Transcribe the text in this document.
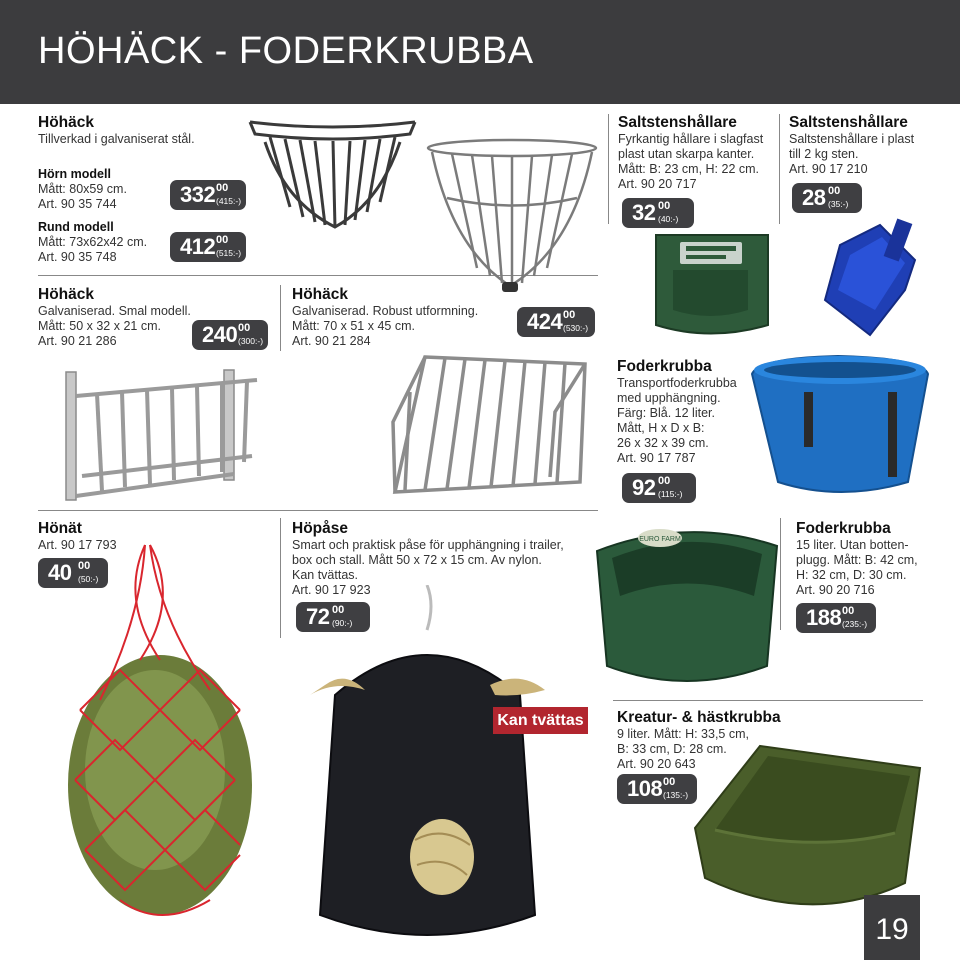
HÖHÄCK - FODERKRUBBA
Höhäck
Tillverkad i galvaniserat stål.
Hörn modell
Mått: 80x59 cm.
Art. 90 35 744
Rund modell
Mått: 73x62x42 cm.
Art. 90 35 748
332 00
(415:-)
412 00
(515:-)
Saltstenshållare
Fyrkantig hållare i slagfast
plast utan skarpa kanter.
Mått: B: 23 cm, H: 22 cm.
Art. 90 20 717
32 00
(40:-)
Saltstenshållare
Saltstenshållare i plast
till 2 kg sten.
Art. 90 17 210
28 00
(35:-)
Höhäck
Galvaniserad. Smal modell.
Mått: 50 x 32 x 21 cm.
Art. 90 21 286	240 00
(300:-)
Höhäck
Galvaniserad. Robust utformning.
Mått: 70 x 51 x 45 cm.
Art. 90 21 284
424 00
(530:-)
Foderkrubba
Transportfoderkrubba
med upphängning.
Färg: Blå. 12 liter.
Mått, H x D x B:
26 x 32 x 39 cm.
Art. 90 17 787
92 00
(115:-)
Hönät
Art. 90 17 793
40 00
(50:-)
Höpåse
Smart och praktisk påse för upphängning i trailer,
box och stall. Mått 50 x 72 x 15 cm. Av nylon.
Kan tvättas.
Art. 90 17 923
72 00
(90:-)
Kan tvättas
EURO FARM
Foderkrubba
15 liter. Utan botten-
plugg. Mått: B: 42 cm,
H: 32 cm, D: 30 cm.
Art. 90 20 716
188 00
(235:-)
Kreatur- & hästkrubba
9 liter. Mått: H: 33,5 cm,
B: 33 cm, D: 28 cm.
Art. 90 20 643
108 00
(135:-)
19
